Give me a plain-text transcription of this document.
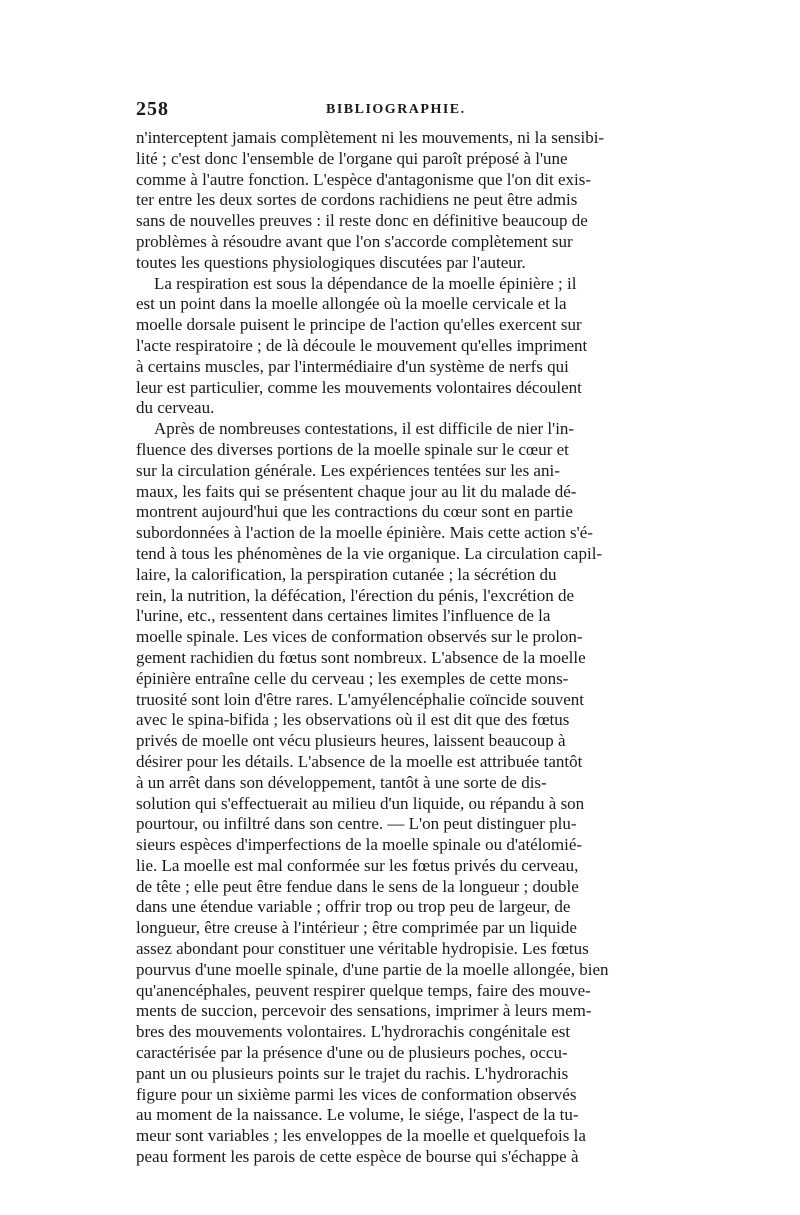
258	BIBLIOGRAPHIE.
n'interceptent jamais complètement ni les mouvements, ni la sensibi-
lité ; c'est donc l'ensemble de l'organe qui paroît préposé à l'une
comme à l'autre fonction. L'espèce d'antagonisme que l'on dit exis-
ter entre les deux sortes de cordons rachidiens ne peut être admis
sans de nouvelles preuves : il reste donc en définitive beaucoup de
problèmes à résoudre avant que l'on s'accorde complètement sur
toutes les questions physiologiques discutées par l'auteur.
La respiration est sous la dépendance de la moelle épinière ; il
est un point dans la moelle allongée où la moelle cervicale et la
moelle dorsale puisent le principe de l'action qu'elles exercent sur
l'acte respiratoire ; de là découle le mouvement qu'elles impriment
à certains muscles, par l'intermédiaire d'un système de nerfs qui
leur est particulier, comme les mouvements volontaires découlent
du cerveau.
Après de nombreuses contestations, il est difficile de nier l'in-
fluence des diverses portions de la moelle spinale sur le cœur et
sur la circulation générale. Les expériences tentées sur les ani-
maux, les faits qui se présentent chaque jour au lit du malade dé-
montrent aujourd'hui que les contractions du cœur sont en partie
subordonnées à l'action de la moelle épinière. Mais cette action s'é-
tend à tous les phénomènes de la vie organique. La circulation capil-
laire, la calorification, la perspiration cutanée ; la sécrétion du
rein, la nutrition, la défécation, l'érection du pénis, l'excrétion de
l'urine, etc., ressentent dans certaines limites l'influence de la
moelle spinale. Les vices de conformation observés sur le prolon-
gement rachidien du fœtus sont nombreux. L'absence de la moelle
épinière entraîne celle du cerveau ; les exemples de cette mons-
truosité sont loin d'être rares. L'amyélencéphalie coïncide souvent
avec le spina-bifida ; les observations où il est dit que des fœtus
privés de moelle ont vécu plusieurs heures, laissent beaucoup à
désirer pour les détails. L'absence de la moelle est attribuée tantôt
à un arrêt dans son développement, tantôt à une sorte de dis-
solution qui s'effectuerait au milieu d'un liquide, ou répandu à son
pourtour, ou infiltré dans son centre. — L'on peut distinguer plu-
sieurs espèces d'imperfections de la moelle spinale ou d'atélomié-
lie. La moelle est mal conformée sur les fœtus privés du cerveau,
de tête ; elle peut être fendue dans le sens de la longueur ; double
dans une étendue variable ; offrir trop ou trop peu de largeur, de
longueur, être creuse à l'intérieur ; être comprimée par un liquide
assez abondant pour constituer une véritable hydropisie. Les fœtus
pourvus d'une moelle spinale, d'une partie de la moelle allongée, bien
qu'anencéphales, peuvent respirer quelque temps, faire des mouve-
ments de succion, percevoir des sensations, imprimer à leurs mem-
bres des mouvements volontaires. L'hydrorachis congénitale est
caractérisée par la présence d'une ou de plusieurs poches, occu-
pant un ou plusieurs points sur le trajet du rachis. L'hydrorachis
figure pour un sixième parmi les vices de conformation observés
au moment de la naissance. Le volume, le siége, l'aspect de la tu-
meur sont variables ; les enveloppes de la moelle et quelquefois la
peau forment les parois de cette espèce de bourse qui s'échappe à
